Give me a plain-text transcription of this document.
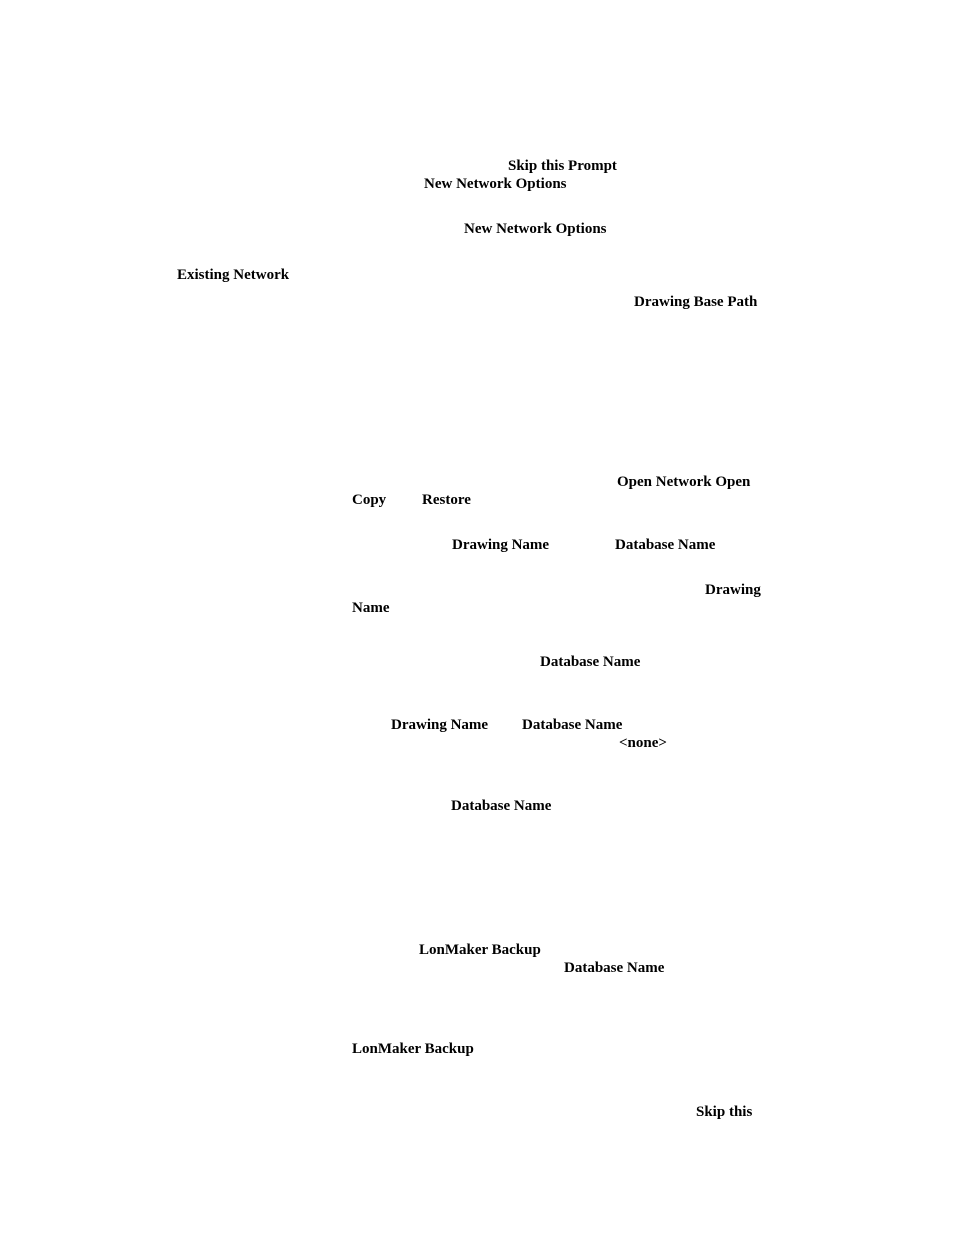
Skip this Prompt
New Network Options
New Network Options
Existing Network
Drawing Base Path
Open Network Open
Copy Restore
Drawing Name	Database Name
Drawing
Name
Database Name
Drawing Name Database Name
<none>
Database Name
LonMaker Backup
Database Name
LonMaker Backup
Skip this
